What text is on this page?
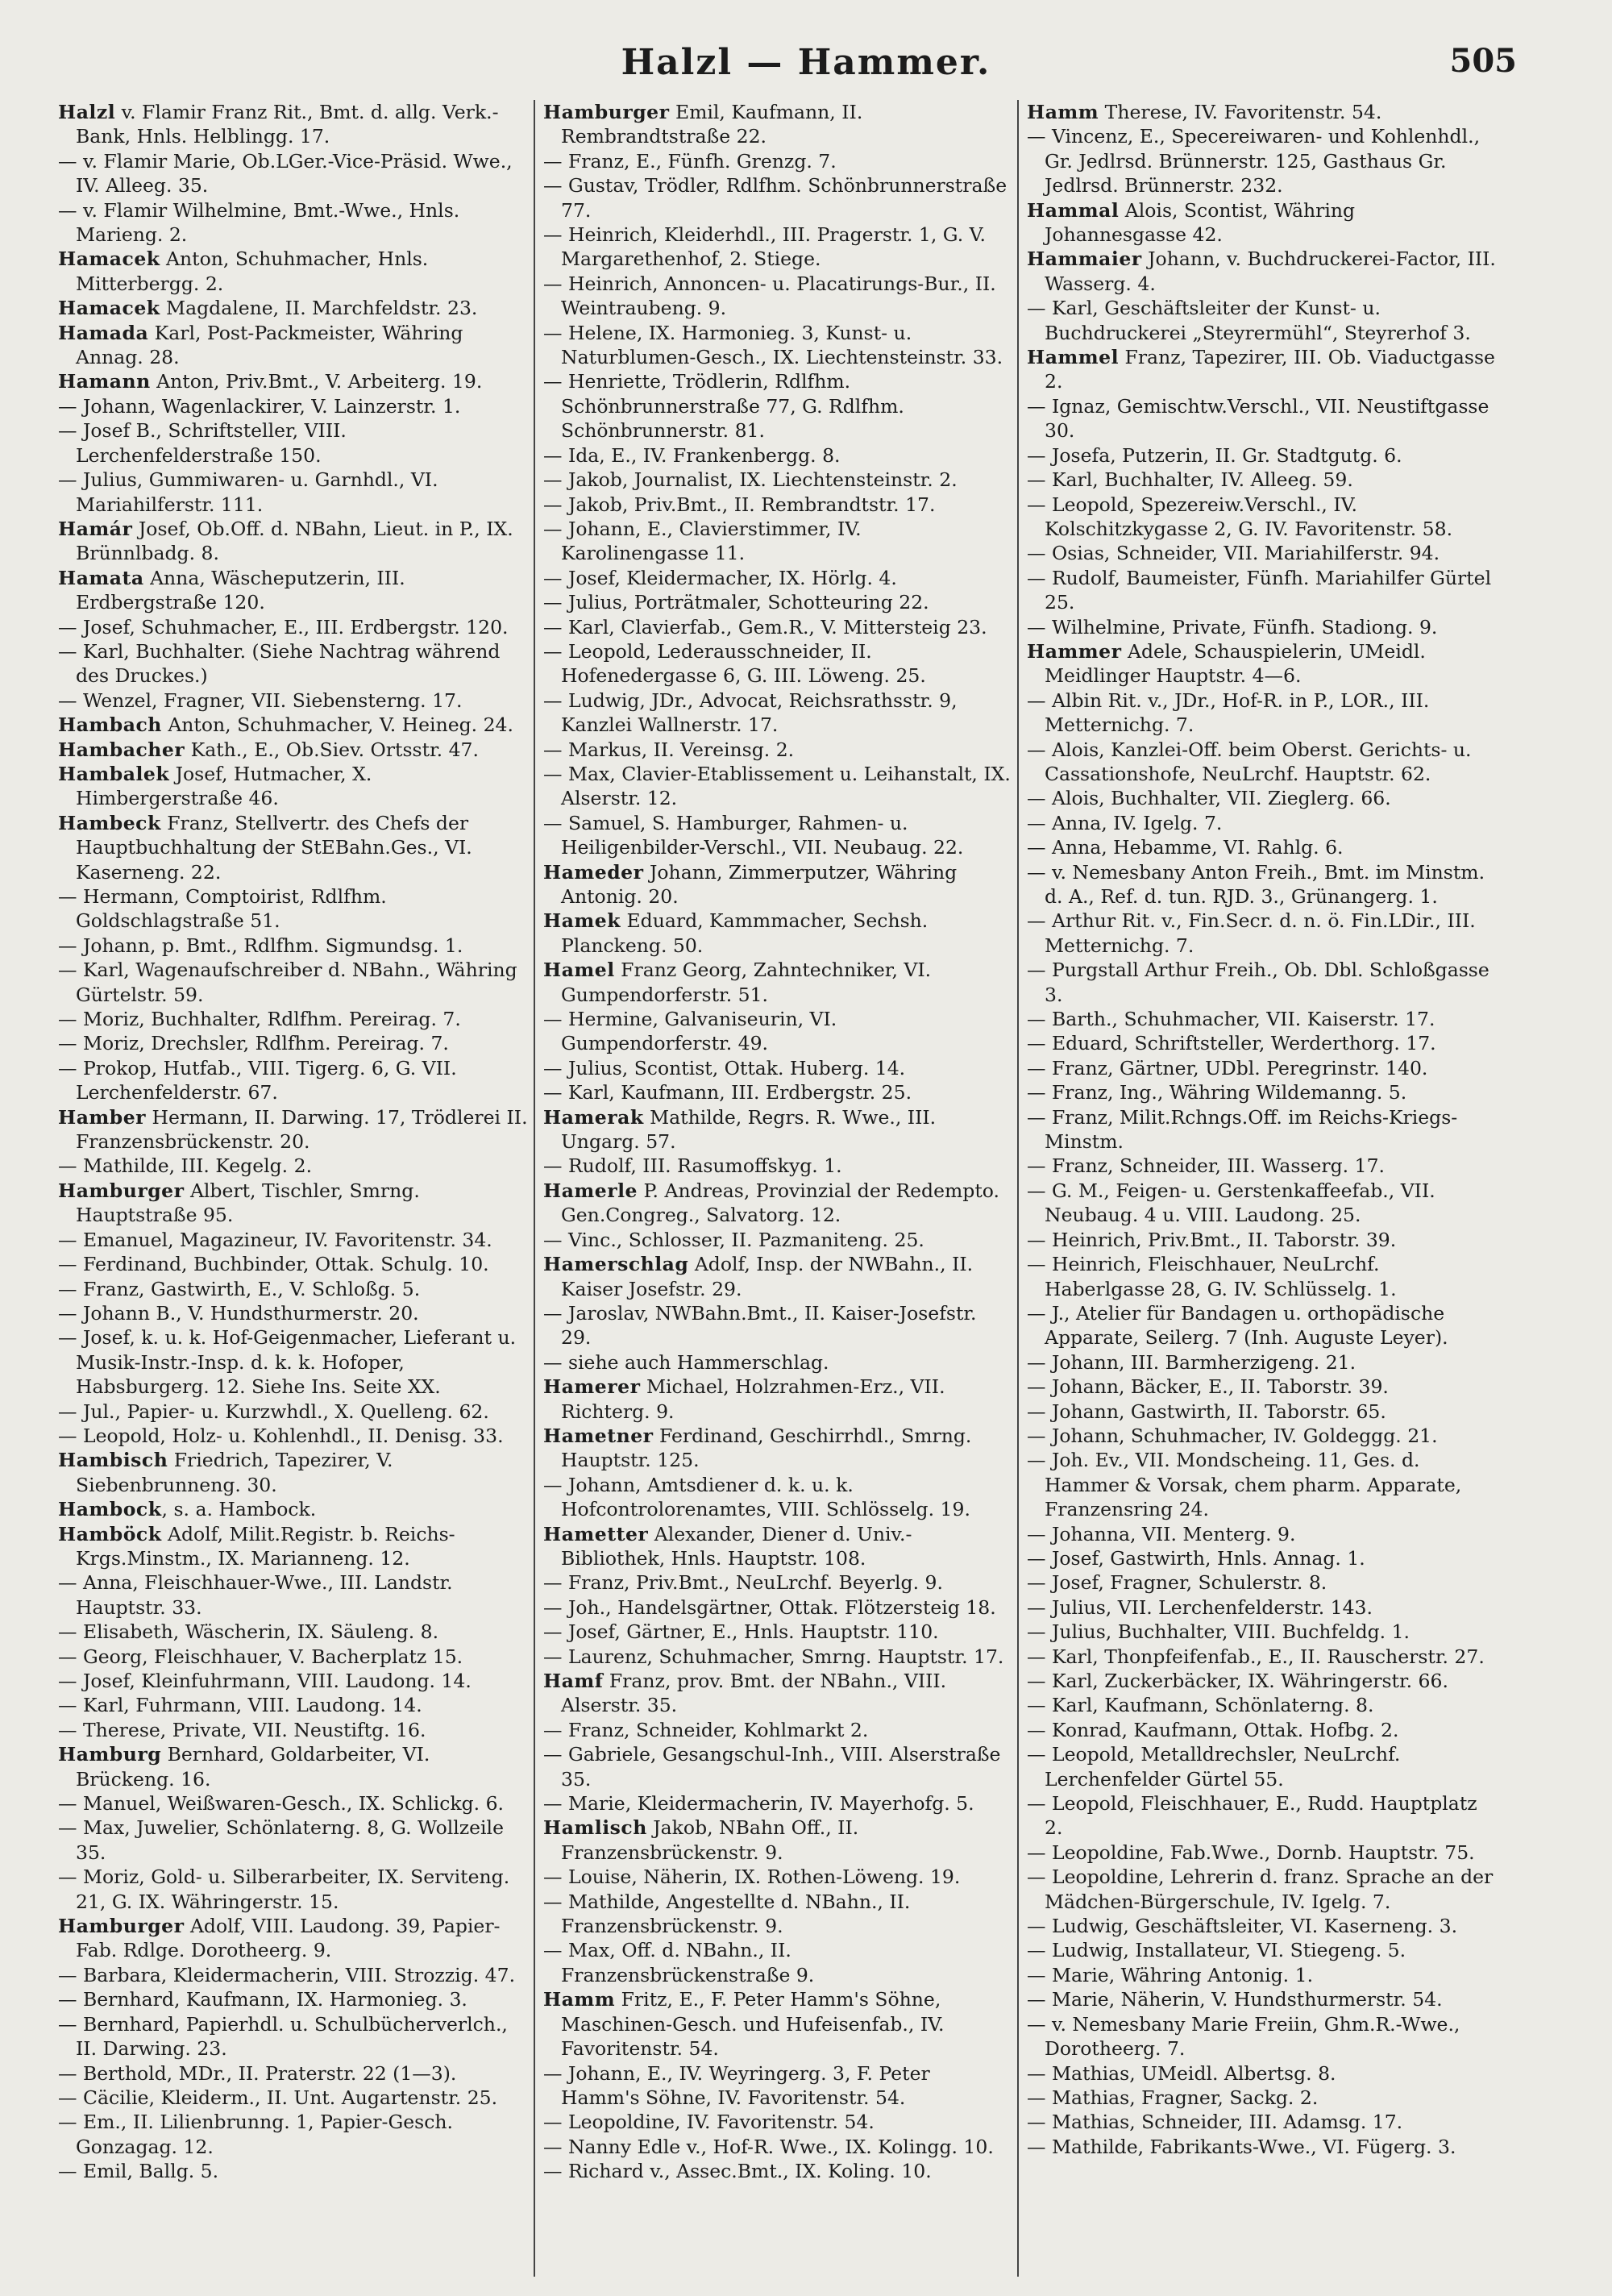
Halzl — Hammer.	505

Halzl v. Flamir Franz Rit., Bmt. d. allg. Verk.-Bank, Hnls. Helblingg. 17.

— v. Flamir Marie, Ob.LGer.-Vice-Präsid. Wwe., IV. Alleeg. 35.

— v. Flamir Wilhelmine, Bmt.-Wwe., Hnls. Marieng. 2.

Hamacek Anton, Schuhmacher, Hnls. Mitterbergg. 2.

Hamacek Magdalene, II. Marchfeldstr. 23.

Hamada Karl, Post-Packmeister, Währing Annag. 28.

Hamann Anton, Priv.Bmt., V. Arbeiterg. 19.

— Johann, Wagenlackirer, V. Lainzerstr. 1.

— Josef B., Schriftsteller, VIII. Lerchenfelderstraße 150.

— Julius, Gummiwaren- u. Garnhdl., VI. Mariahilferstr. 111.

Hamár Josef, Ob.Off. d. NBahn, Lieut. in P., IX. Brünnlbadg. 8.

Hamata Anna, Wäscheputzerin, III. Erdbergstraße 120.

— Josef, Schuhmacher, E., III. Erdbergstr. 120.

— Karl, Buchhalter. (Siehe Nachtrag während des Druckes.)

— Wenzel, Fragner, VII. Siebensterng. 17.

Hambach Anton, Schuhmacher, V. Heineg. 24.

Hambacher Kath., E., Ob.Siev. Ortsstr. 47.

Hambalek Josef, Hutmacher, X. Himbergerstraße 46.

Hambeck Franz, Stellvertr. des Chefs der Hauptbuchhaltung der StEBahn.Ges., VI. Kaserneng. 22.

— Hermann, Comptoirist, Rdlfhm. Goldschlagstraße 51.

— Johann, p. Bmt., Rdlfhm. Sigmundsg. 1.

— Karl, Wagenaufschreiber d. NBahn., Währing Gürtelstr. 59.

— Moriz, Buchhalter, Rdlfhm. Pereirag. 7.

— Moriz, Drechsler, Rdlfhm. Pereirag. 7.

— Prokop, Hutfab., VIII. Tigerg. 6, G. VII. Lerchenfelderstr. 67.

Hamber Hermann, II. Darwing. 17, Trödlerei II. Franzensbrückenstr. 20.

— Mathilde, III. Kegelg. 2.

Hamburger Albert, Tischler, Smrng. Hauptstraße 95.

— Emanuel, Magazineur, IV. Favoritenstr. 34.

— Ferdinand, Buchbinder, Ottak. Schulg. 10.

— Franz, Gastwirth, E., V. Schloßg. 5.

— Johann B., V. Hundsthurmerstr. 20.

— Josef, k. u. k. Hof-Geigenmacher, Lieferant u. Musik-Instr.-Insp. d. k. k. Hofoper, Habsburgerg. 12. Siehe Ins. Seite XX.

— Jul., Papier- u. Kurzwhdl., X. Quelleng. 62.

— Leopold, Holz- u. Kohlenhdl., II. Denisg. 33.

Hambisch Friedrich, Tapezirer, V. Siebenbrunneng. 30.

Hambock, s. a. Hambock.

Hamböck Adolf, Milit.Registr. b. Reichs-Krgs.Minstm., IX. Marianneng. 12.

— Anna, Fleischhauer-Wwe., III. Landstr. Hauptstr. 33.

— Elisabeth, Wäscherin, IX. Säuleng. 8.

— Georg, Fleischhauer, V. Bacherplatz 15.

— Josef, Kleinfuhrmann, VIII. Laudong. 14.

— Karl, Fuhrmann, VIII. Laudong. 14.

— Therese, Private, VII. Neustiftg. 16.

Hamburg Bernhard, Goldarbeiter, VI. Brückeng. 16.

— Manuel, Weißwaren-Gesch., IX. Schlickg. 6.

— Max, Juwelier, Schönlaterng. 8, G. Wollzeile 35.

— Moriz, Gold- u. Silberarbeiter, IX. Serviteng. 21, G. IX. Währingerstr. 15.

Hamburger Adolf, VIII. Laudong. 39, Papier-Fab. Rdlge. Dorotheerg. 9.

— Barbara, Kleidermacherin, VIII. Strozzig. 47.

— Bernhard, Kaufmann, IX. Harmonieg. 3.

— Bernhard, Papierhdl. u. Schulbücherverlch., II. Darwing. 23.

— Berthold, MDr., II. Praterstr. 22 (1—3).

— Cäcilie, Kleiderm., II. Unt. Augartenstr. 25.

— Em., II. Lilienbrunng. 1, Papier-Gesch. Gonzagag. 12.

— Emil, Ballg. 5.

Hamburger Emil, Kaufmann, II. Rembrandtstraße 22.

— Franz, E., Fünfh. Grenzg. 7.

— Gustav, Trödler, Rdlfhm. Schönbrunnerstraße 77.

— Heinrich, Kleiderhdl., III. Pragerstr. 1, G. V. Margarethenhof, 2. Stiege.

— Heinrich, Annoncen- u. Placatirungs-Bur., II. Weintraubeng. 9.

— Helene, IX. Harmonieg. 3, Kunst- u. Naturblumen-Gesch., IX. Liechtensteinstr. 33.

— Henriette, Trödlerin, Rdlfhm. Schönbrunnerstraße 77, G. Rdlfhm. Schönbrunnerstr. 81.

— Ida, E., IV. Frankenbergg. 8.

— Jakob, Journalist, IX. Liechtensteinstr. 2.

— Jakob, Priv.Bmt., II. Rembrandtstr. 17.

— Johann, E., Clavierstimmer, IV. Karolinengasse 11.

— Josef, Kleidermacher, IX. Hörlg. 4.

— Julius, Porträtmaler, Schotteuring 22.

— Karl, Clavierfab., Gem.R., V. Mittersteig 23.

— Leopold, Lederausschneider, II. Hofenedergasse 6, G. III. Löweng. 25.

— Ludwig, JDr., Advocat, Reichsrathsstr. 9, Kanzlei Wallnerstr. 17.

— Markus, II. Vereinsg. 2.

— Max, Clavier-Etablissement u. Leihanstalt, IX. Alserstr. 12.

— Samuel, S. Hamburger, Rahmen- u. Heiligenbilder-Verschl., VII. Neubaug. 22.

Hameder Johann, Zimmerputzer, Währing Antonig. 20.

Hamek Eduard, Kammmacher, Sechsh. Planckeng. 50.

Hamel Franz Georg, Zahntechniker, VI. Gumpendorferstr. 51.

— Hermine, Galvaniseurin, VI. Gumpendorferstr. 49.

— Julius, Scontist, Ottak. Huberg. 14.

— Karl, Kaufmann, III. Erdbergstr. 25.

Hamerak Mathilde, Regrs. R. Wwe., III. Ungarg. 57.

— Rudolf, III. Rasumoffskyg. 1.

Hamerle P. Andreas, Provinzial der Redempto. Gen.Congreg., Salvatorg. 12.

— Vinc., Schlosser, II. Pazmaniteng. 25.

Hamerschlag Adolf, Insp. der NWBahn., II. Kaiser Josefstr. 29.

— Jaroslav, NWBahn.Bmt., II. Kaiser-Josefstr. 29.

— siehe auch Hammerschlag.

Hamerer Michael, Holzrahmen-Erz., VII. Richterg. 9.

Hametner Ferdinand, Geschirrhdl., Smrng. Hauptstr. 125.

— Johann, Amtsdiener d. k. u. k. Hofcontrolorenamtes, VIII. Schlösselg. 19.

Hametter Alexander, Diener d. Univ.-Bibliothek, Hnls. Hauptstr. 108.

— Franz, Priv.Bmt., NeuLrchf. Beyerlg. 9.

— Joh., Handelsgärtner, Ottak. Flötzersteig 18.

— Josef, Gärtner, E., Hnls. Hauptstr. 110.

— Laurenz, Schuhmacher, Smrng. Hauptstr. 17.

Hamf Franz, prov. Bmt. der NBahn., VIII. Alserstr. 35.

— Franz, Schneider, Kohlmarkt 2.

— Gabriele, Gesangschul-Inh., VIII. Alserstraße 35.

— Marie, Kleidermacherin, IV. Mayerhofg. 5.

Hamlisch Jakob, NBahn Off., II. Franzensbrückenstr. 9.

— Louise, Näherin, IX. Rothen-Löweng. 19.

— Mathilde, Angestellte d. NBahn., II. Franzensbrückenstr. 9.

— Max, Off. d. NBahn., II. Franzensbrückenstraße 9.

Hamm Fritz, E., F. Peter Hamm's Söhne, Maschinen-Gesch. und Hufeisenfab., IV. Favoritenstr. 54.

— Johann, E., IV. Weyringerg. 3, F. Peter Hamm's Söhne, IV. Favoritenstr. 54.

— Leopoldine, IV. Favoritenstr. 54.

— Nanny Edle v., Hof-R. Wwe., IX. Kolingg. 10.

— Richard v., Assec.Bmt., IX. Koling. 10.

Hamm Therese, IV. Favoritenstr. 54.

— Vincenz, E., Specereiwaren- und Kohlenhdl., Gr. Jedlrsd. Brünnerstr. 125, Gasthaus Gr. Jedlrsd. Brünnerstr. 232.

Hammal Alois, Scontist, Währing Johannesgasse 42.

Hammaier Johann, v. Buchdruckerei-Factor, III. Wasserg. 4.

— Karl, Geschäftsleiter der Kunst- u. Buchdruckerei „Steyrermühl“, Steyrerhof 3.

Hammel Franz, Tapezirer, III. Ob. Viaductgasse 2.

— Ignaz, Gemischtw.Verschl., VII. Neustiftgasse 30.

— Josefa, Putzerin, II. Gr. Stadtgutg. 6.

— Karl, Buchhalter, IV. Alleeg. 59.

— Leopold, Spezereiw.Verschl., IV. Kolschitzkygasse 2, G. IV. Favoritenstr. 58.

— Osias, Schneider, VII. Mariahilferstr. 94.

— Rudolf, Baumeister, Fünfh. Mariahilfer Gürtel 25.

— Wilhelmine, Private, Fünfh. Stadiong. 9.

Hammer Adele, Schauspielerin, UMeidl. Meidlinger Hauptstr. 4—6.

— Albin Rit. v., JDr., Hof-R. in P., LOR., III. Metternichg. 7.

— Alois, Kanzlei-Off. beim Oberst. Gerichts- u. Cassationshofe, NeuLrchf. Hauptstr. 62.

— Alois, Buchhalter, VII. Zieglerg. 66.

— Anna, IV. Igelg. 7.

— Anna, Hebamme, VI. Rahlg. 6.

— v. Nemesbany Anton Freih., Bmt. im Minstm. d. A., Ref. d. tun. RJD. 3., Grünangerg. 1.

— Arthur Rit. v., Fin.Secr. d. n. ö. Fin.LDir., III. Metternichg. 7.

— Purgstall Arthur Freih., Ob. Dbl. Schloßgasse 3.

— Barth., Schuhmacher, VII. Kaiserstr. 17.

— Eduard, Schriftsteller, Werderthorg. 17.

— Franz, Gärtner, UDbl. Peregrinstr. 140.

— Franz, Ing., Währing Wildemanng. 5.

— Franz, Milit.Rchngs.Off. im Reichs-Kriegs-Minstm.

— Franz, Schneider, III. Wasserg. 17.

— G. M., Feigen- u. Gerstenkaffeefab., VII. Neubaug. 4 u. VIII. Laudong. 25.

— Heinrich, Priv.Bmt., II. Taborstr. 39.

— Heinrich, Fleischhauer, NeuLrchf. Haberlgasse 28, G. IV. Schlüsselg. 1.

— J., Atelier für Bandagen u. orthopädische Apparate, Seilerg. 7 (Inh. Auguste Leyer).

— Johann, III. Barmherzigeng. 21.

— Johann, Bäcker, E., II. Taborstr. 39.

— Johann, Gastwirth, II. Taborstr. 65.

— Johann, Schuhmacher, IV. Goldeggg. 21.

— Joh. Ev., VII. Mondscheing. 11, Ges. d. Hammer & Vorsak, chem pharm. Apparate, Franzensring 24.

— Johanna, VII. Menterg. 9.

— Josef, Gastwirth, Hnls. Annag. 1.

— Josef, Fragner, Schulerstr. 8.

— Julius, VII. Lerchenfelderstr. 143.

— Julius, Buchhalter, VIII. Buchfeldg. 1.

— Karl, Thonpfeifenfab., E., II. Rauscherstr. 27.

— Karl, Zuckerbäcker, IX. Währingerstr. 66.

— Karl, Kaufmann, Schönlaterng. 8.

— Konrad, Kaufmann, Ottak. Hofbg. 2.

— Leopold, Metalldrechsler, NeuLrchf. Lerchenfelder Gürtel 55.

— Leopold, Fleischhauer, E., Rudd. Hauptplatz 2.

— Leopoldine, Fab.Wwe., Dornb. Hauptstr. 75.

— Leopoldine, Lehrerin d. franz. Sprache an der Mädchen-Bürgerschule, IV. Igelg. 7.

— Ludwig, Geschäftsleiter, VI. Kaserneng. 3.

— Ludwig, Installateur, VI. Stiegeng. 5.

— Marie, Währing Antonig. 1.

— Marie, Näherin, V. Hundsthurmerstr. 54.

— v. Nemesbany Marie Freiin, Ghm.R.-Wwe., Dorotheerg. 7.

— Mathias, UMeidl. Albertsg. 8.

— Mathias, Fragner, Sackg. 2.

— Mathias, Schneider, III. Adamsg. 17.

— Mathilde, Fabrikants-Wwe., VI. Fügerg. 3.
